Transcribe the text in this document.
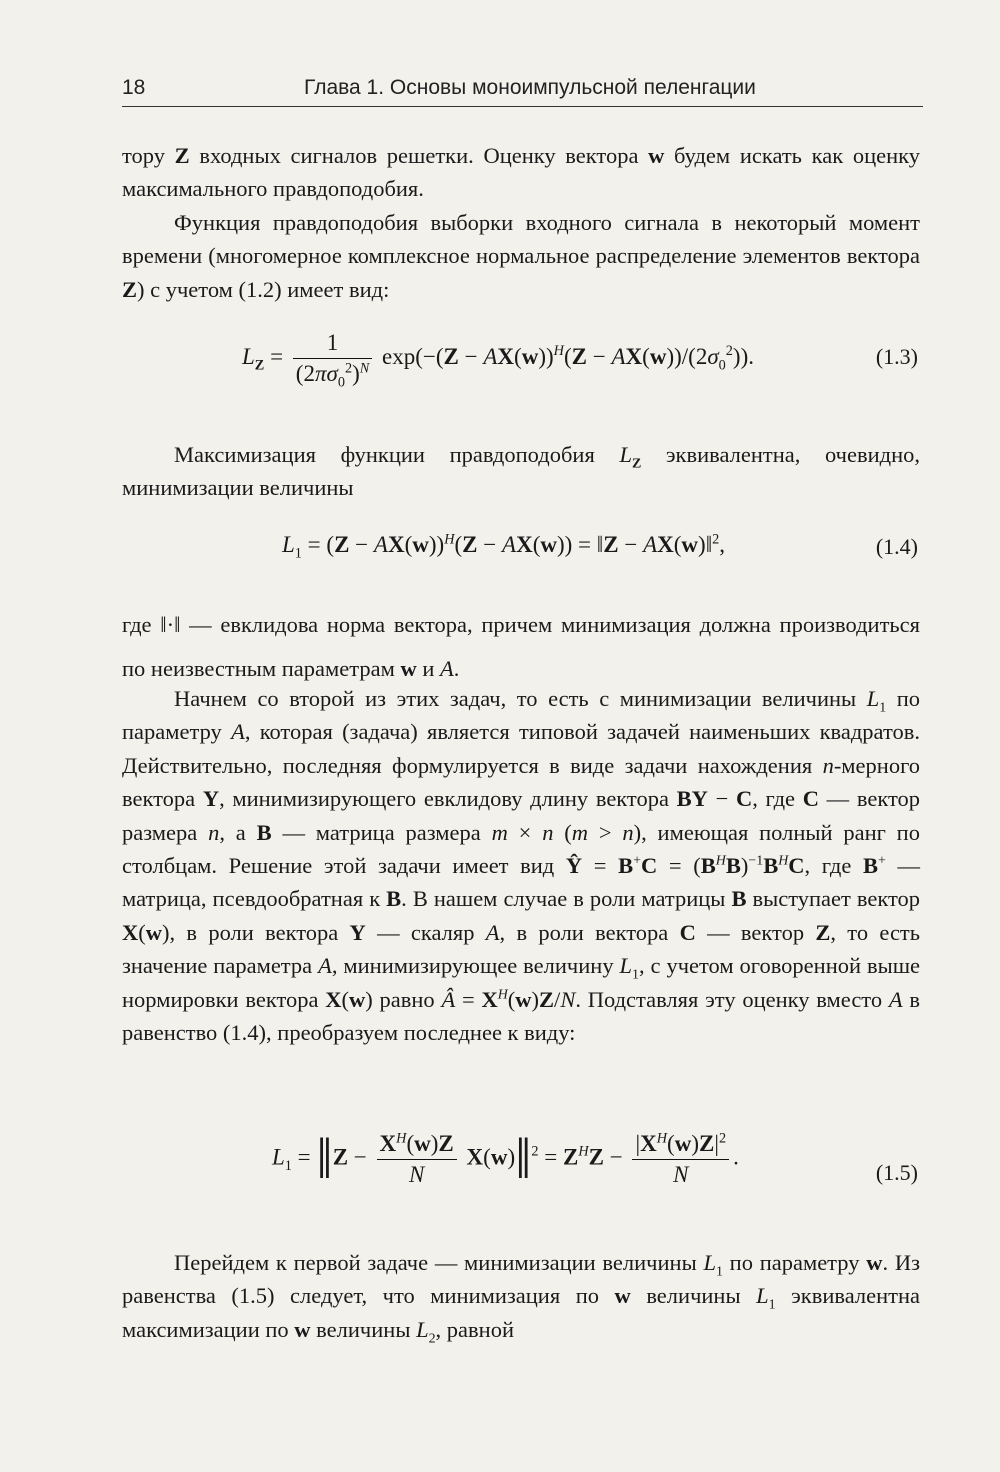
18	Глава 1. Основы моноимпульсной пеленгации

тору Z входных сигналов решетки. Оценку вектора w будем искать как оценку максимального правдоподобия.

Функция правдоподобия выборки входного сигнала в некоторый момент времени (многомерное комплексное нормальное распределение элементов вектора Z) с учетом (1.2) имеет вид:

$L_Z = \frac{1}{(2\pi\sigma_0^2)^N} \exp(-(Z - AX(w))^H(Z - AX(w))/(2\sigma_0^2))$.	(1.3)

Максимизация функции правдоподобия $L_Z$ эквивалентна, очевидно, минимизации величины

$L_1 = (Z - AX(w))^H(Z - AX(w))$ = ‖Z − AX(w)‖$^2$,	(1.4)

где ‖·‖ — евклидова норма вектора, причем минимизация должна производиться по неизвестным параметрам w и A.

Начнем со второй из этих задач, то есть с минимизации величины $L_1$ по параметру A, которая (задача) является типовой задачей наименьших квадратов. Действительно, последняя формулируется в виде задачи нахождения n-мерного вектора Y, минимизирующего евклидову длину вектора BY − C, где C — вектор размера n, а B — матрица размера m × n (m > n), имеющая полный ранг по столбцам. Решение этой задачи имеет вид Ŷ = $B^+C = (B^HB)^{-1}B^HC$, где B+ — матрица, псевдообратная к B. В нашем случае в роли матрицы B выступает вектор X(w), в роли вектора Y — скаляр A, в роли вектора C — вектор Z, то есть значение параметра A, минимизирующее величину $L_1$, с учетом оговоренной выше нормировки вектора X(w) равно Â = $X^H(w)Z/N$. Подставляя эту оценку вместо A в равенство (1.4), преобразуем последнее к виду:

$L_1$ = ‖Z − $\frac{X^H(w)Z}{N}$ X(w)‖$^2$ = $Z^HZ - \frac{|X^H(w)Z|^2}{N}$ .
(1.5)

Перейдем к первой задаче — минимизации величины $L_1$ по параметру w. Из равенства (1.5) следует, что минимизация по w величины $L_1$ эквивалентна максимизации по w величины $L_2$, равной
